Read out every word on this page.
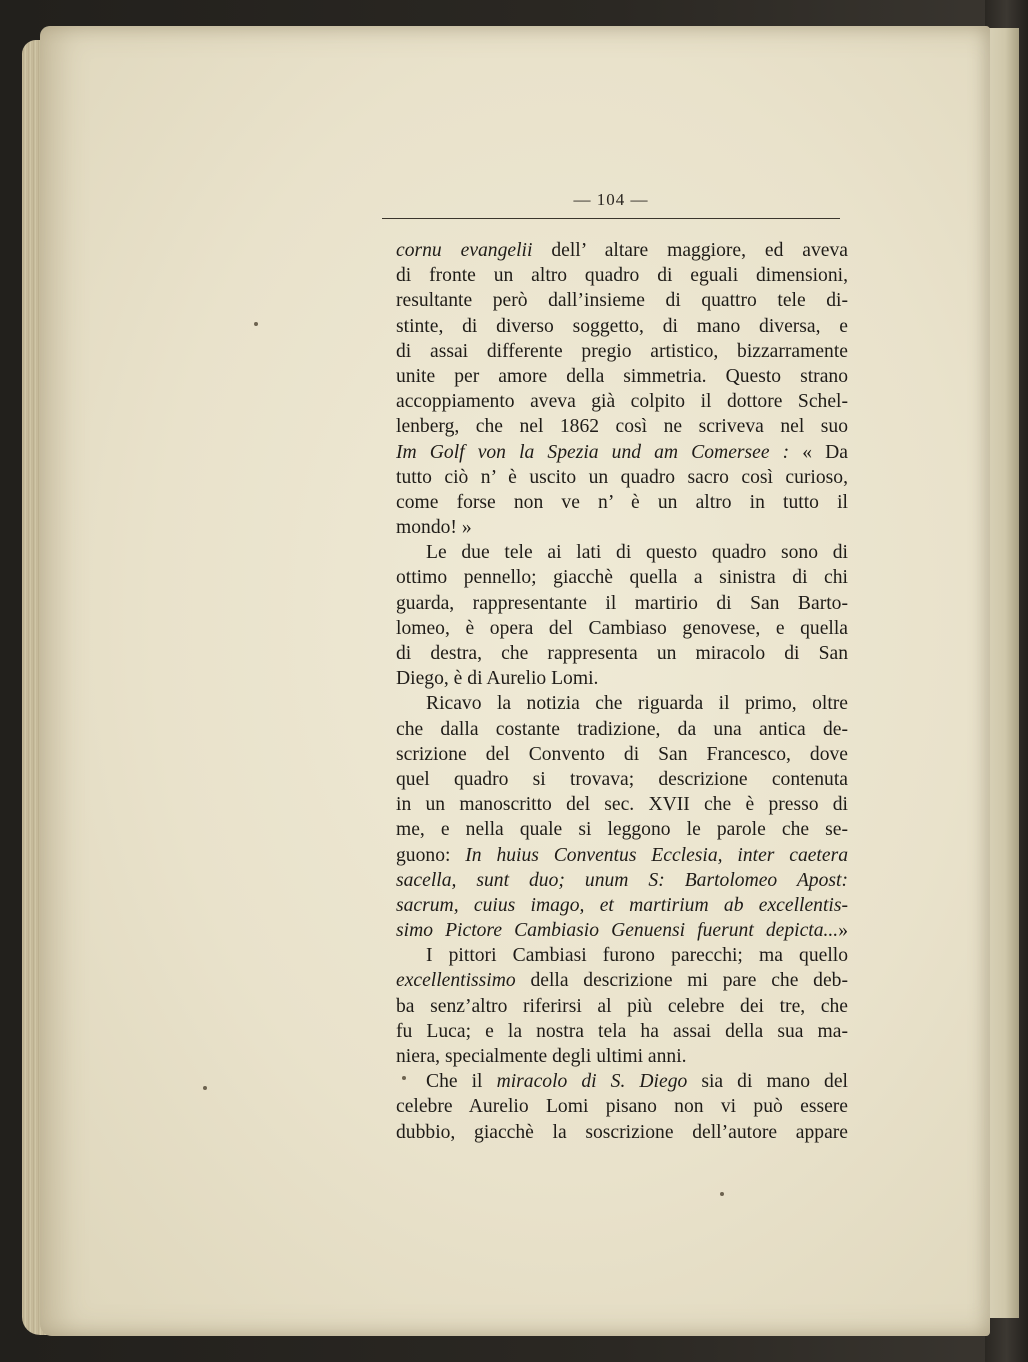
— 104 —
cornu evangelii dell’ altare maggiore, ed aveva
di fronte un altro quadro di eguali dimensioni,
resultante però dall’insieme di quattro tele di-
stinte, di diverso soggetto, di mano diversa, e
di assai differente pregio artistico, bizzarramente
unite per amore della simmetria. Questo strano
accoppiamento aveva già colpito il dottore Schel-
lenberg, che nel 1862 così ne scriveva nel suo
Im Golf von la Spezia und am Comersee : « Da
tutto ciò n’ è uscito un quadro sacro così curioso,
come forse non ve n’ è un altro in tutto il
mondo! »
Le due tele ai lati di questo quadro sono di
ottimo pennello; giacchè quella a sinistra di chi
guarda, rappresentante il martirio di San Barto-
lomeo, è opera del Cambiaso genovese, e quella
di destra, che rappresenta un miracolo di San
Diego, è di Aurelio Lomi.
Ricavo la notizia che riguarda il primo, oltre
che dalla costante tradizione, da una antica de-
scrizione del Convento di San Francesco, dove
quel quadro si trovava; descrizione contenuta
in un manoscritto del sec. XVII che è presso di
me, e nella quale si leggono le parole che se-
guono: In huius Conventus Ecclesia, inter caetera
sacella, sunt duo; unum S: Bartolomeo Apost:
sacrum, cuius imago, et martirium ab excellentis-
simo Pictore Cambiasio Genuensi fuerunt depicta...»
I pittori Cambiasi furono parecchi; ma quello
excellentissimo della descrizione mi pare che deb-
ba senz’altro riferirsi al più celebre dei tre, che
fu Luca; e la nostra tela ha assai della sua ma-
niera, specialmente degli ultimi anni.
Che il miracolo di S. Diego sia di mano del
celebre Aurelio Lomi pisano non vi può essere
dubbio, giacchè la soscrizione dell’autore appare
